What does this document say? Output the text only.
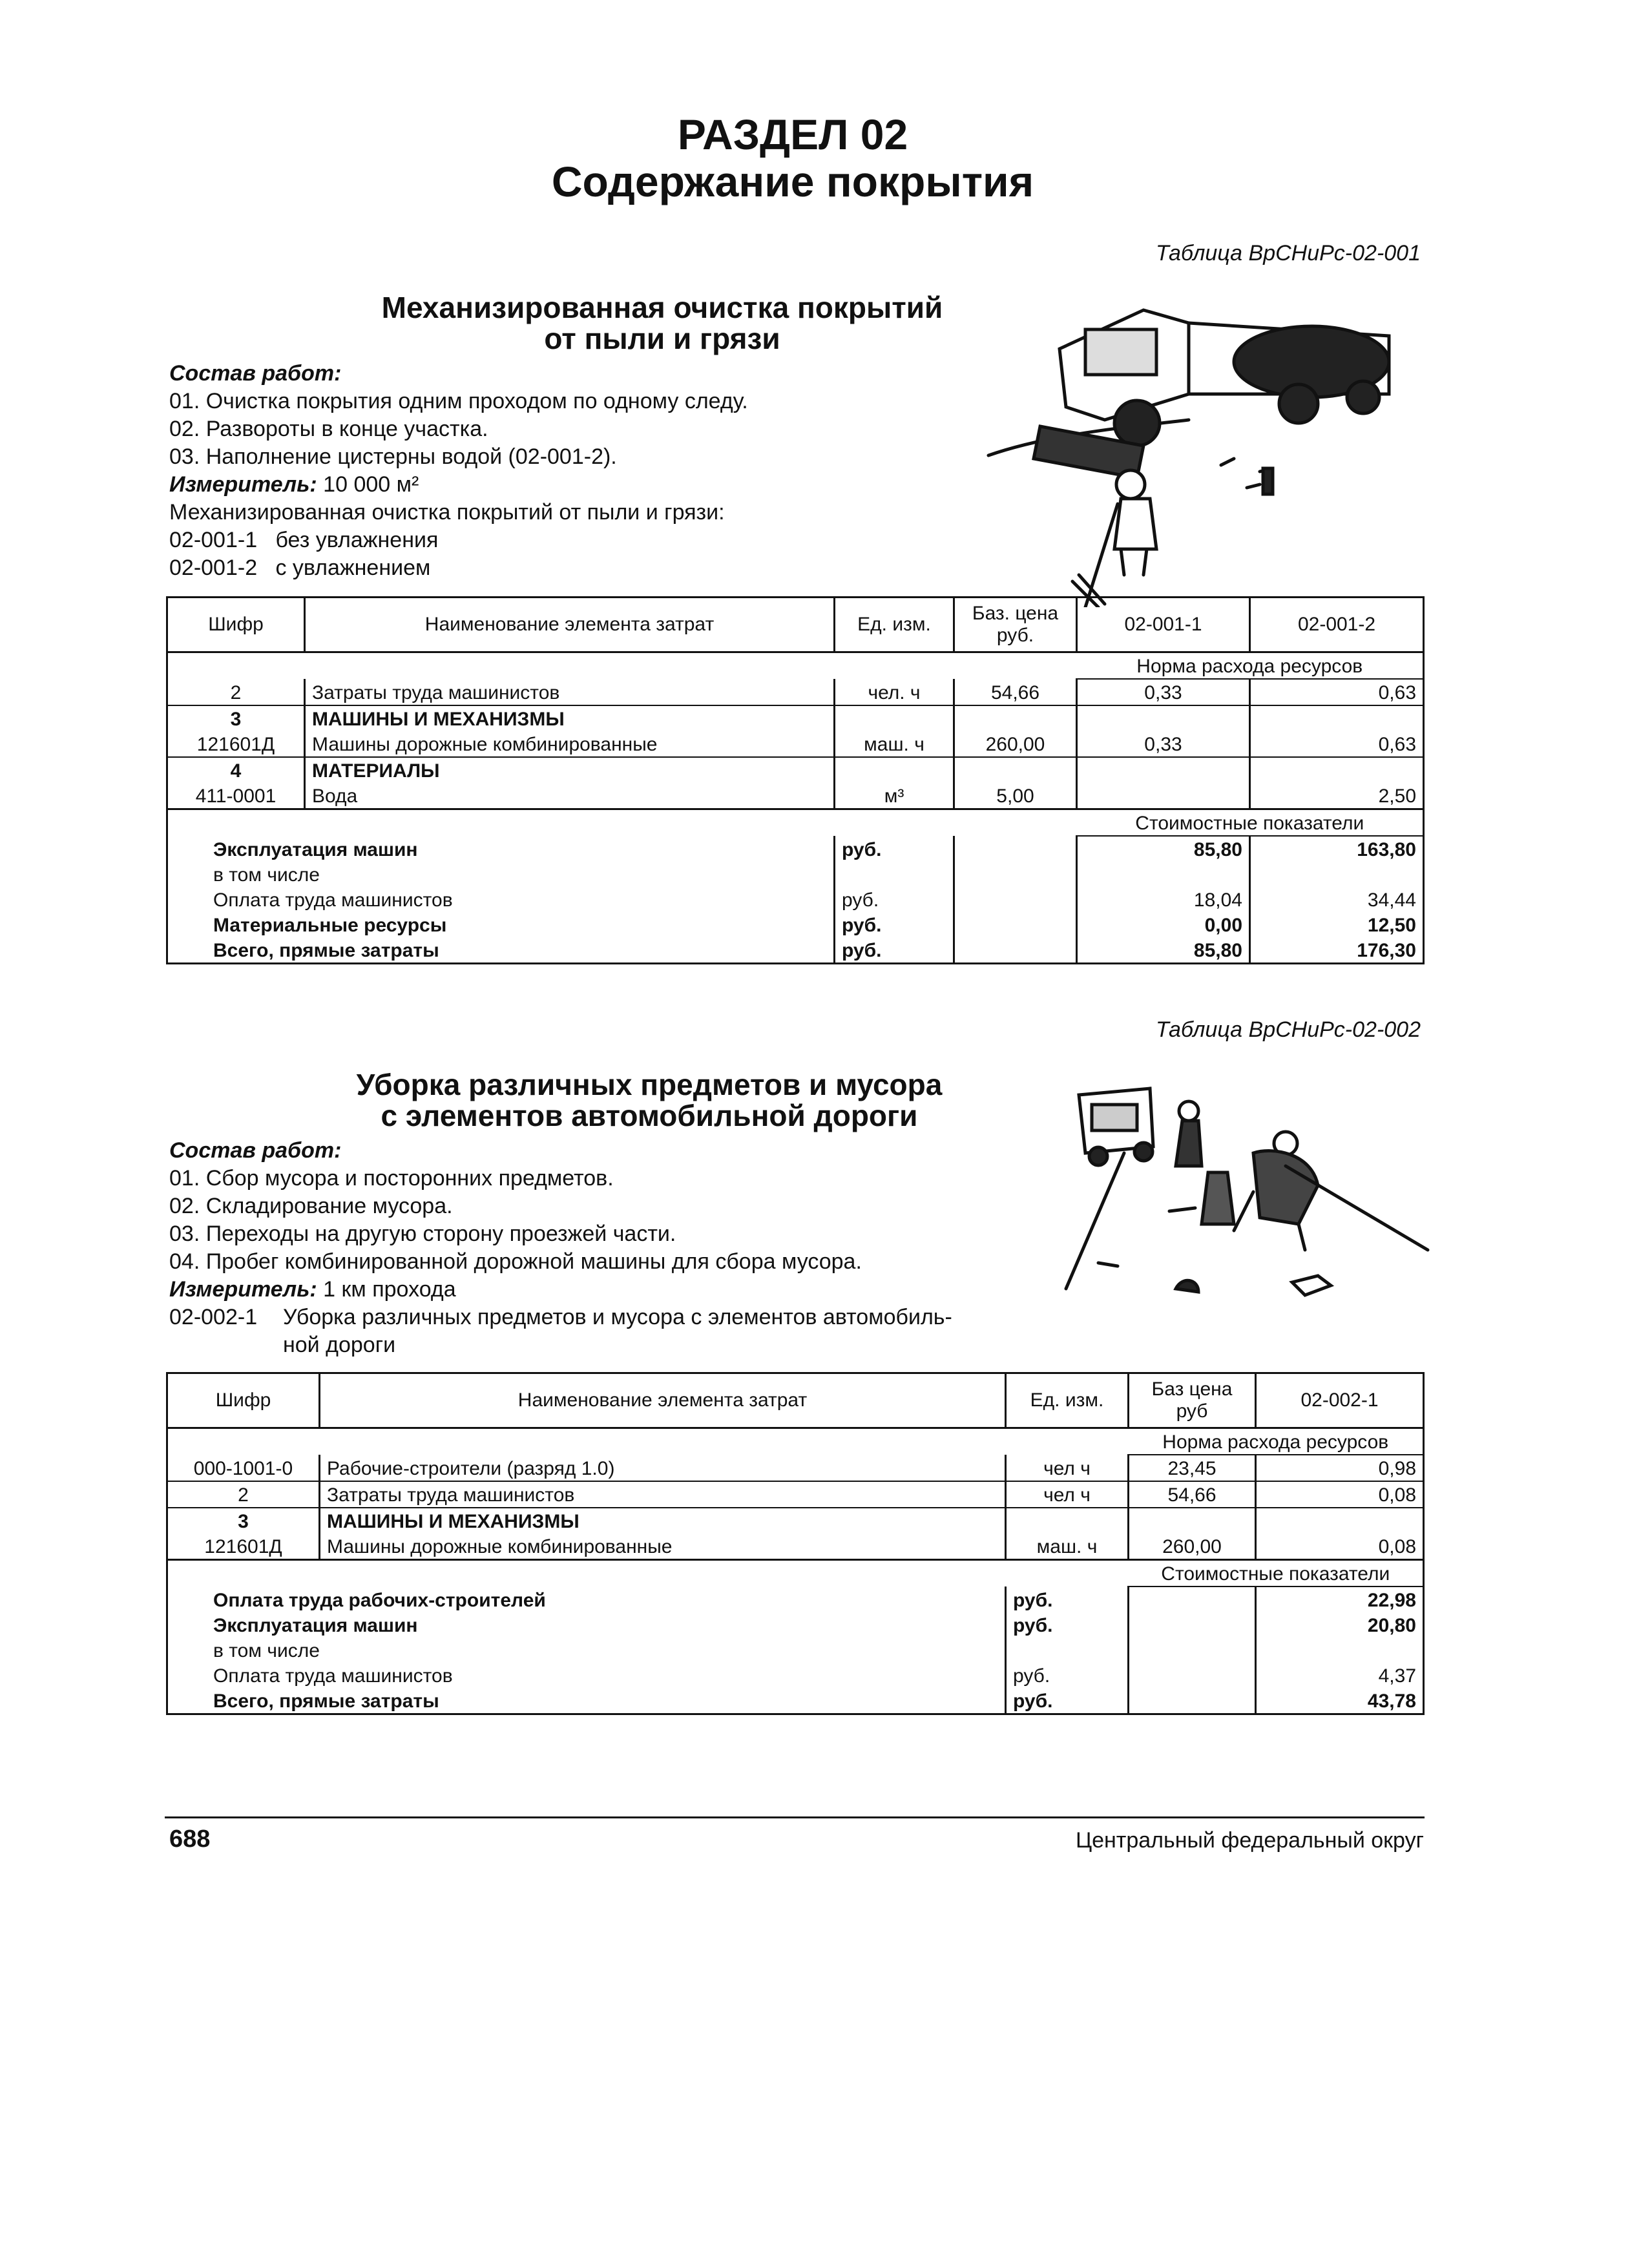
РАЗДЕЛ 02
Содержание покрытия
Таблица ВрСНиРс-02-001
Механизированная очистка покрытий
от пыли и грязи
Состав работ:
01. Очистка покрытия одним проходом по одному следу.
02. Развороты в конце участка.
03. Наполнение цистерны водой (02-001-2).
Измеритель: 10 000 м²
Механизированная очистка покрытий от пыли и грязи:
02-001-1   без увлажнения
02-001-2   с увлажнением
Шифр	Наименование элемента затрат	Ед. изм.	Баз. цена руб.	02-001-1	02-001-2
				Норма расхода ресурсов	
2	Затраты труда машинистов	чел. ч	54,66	0,33	0,63
3	МАШИНЫ И МЕХАНИЗМЫ				
121601Д	Машины дорожные комбинированные	маш. ч	260,00	0,33	0,63
4	МАТЕРИАЛЫ				
411-0001	Вода	м³	5,00		2,50
				Стоимостные показатели	
Эксплуатация машин		руб.		85,80	163,80
в том числе					
Оплата труда машинистов		руб.		18,04	34,44
Материальные ресурсы		руб.		0,00	12,50
Всего, прямые затраты		руб.		85,80	176,30
Таблица ВрСНиРс-02-002
Уборка различных предметов и мусора
с элементов автомобильной дороги
Состав работ:
01. Сбор мусора и посторонних предметов.
02. Складирование мусора.
03. Переходы на другую сторону проезжей части.
04. Пробег комбинированной дорожной машины для сбора мусора.
Измеритель: 1 км прохода
02-002-1 Уборка различных предметов и мусора с элементов автомобиль-
ной дороги
Шифр	Наименование элемента затрат	Ед. изм.	Баз цена руб	02-002-1
			Норма расхода ресурсов	
000-1001-0	Рабочие-строители (разряд 1.0)	чел ч	23,45	0,98
2	Затраты труда машинистов	чел ч	54,66	0,08
3	МАШИНЫ И МЕХАНИЗМЫ			
121601Д	Машины дорожные комбинированные	маш. ч	260,00	0,08
			Стоимостные показатели	
Оплата труда рабочих-строителей		руб.		22,98
Эксплуатация машин		руб.		20,80
в том числе				
Оплата труда машинистов		руб.		4,37
Всего, прямые затраты		руб.		43,78
688	Центральный федеральный округ
